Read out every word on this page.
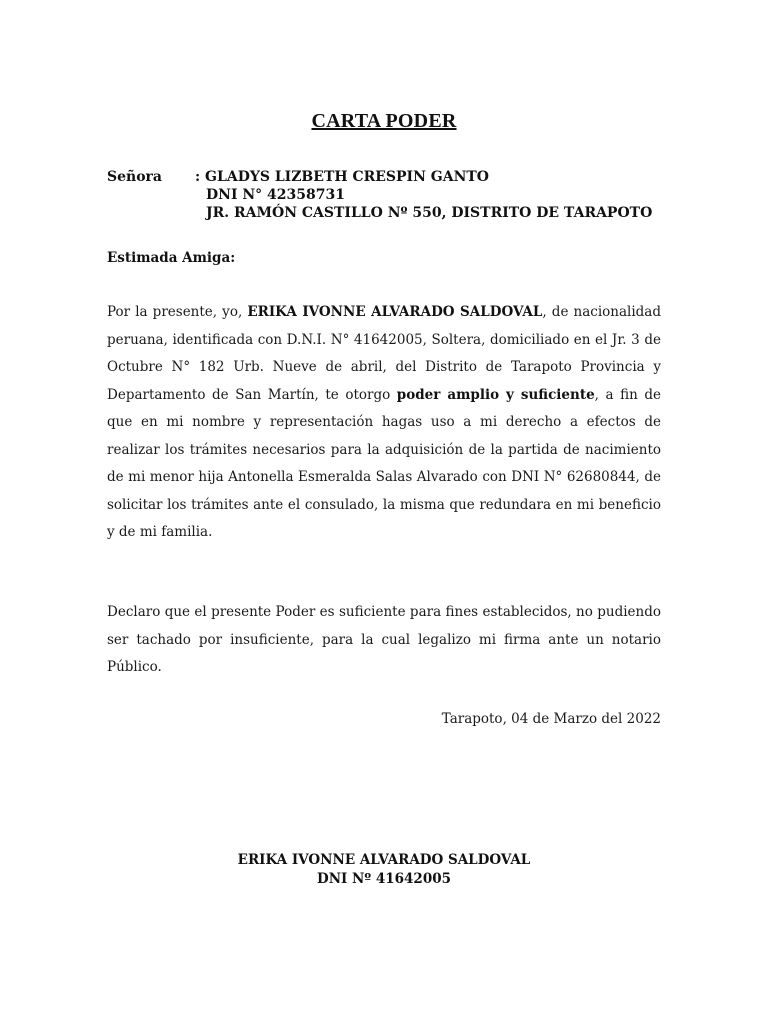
CARTA PODER
Señora	: GLADYS LIZBETH CRESPIN GANTO
DNI N° 42358731
JR. RAMÓN CASTILLO Nº 550, DISTRITO DE TARAPOTO
Estimada Amiga:
Por la presente, yo, ERIKA IVONNE ALVARADO SALDOVAL, de nacionalidad peruana, identificada con D.N.I. N° 41642005, Soltera, domiciliado en el Jr. 3 de Octubre N° 182 Urb. Nueve de abril, del Distrito de Tarapoto Provincia y Departamento de San Martín, te otorgo poder amplio y suficiente, a fin de que en mi nombre y representación hagas uso a mi derecho a efectos de realizar los trámites necesarios para la adquisición de la partida de nacimiento de mi menor hija Antonella Esmeralda Salas Alvarado con DNI N° 62680844, de solicitar los trámites ante el consulado, la misma que redundara en mi beneficio y de mi familia.
Declaro que el presente Poder es suficiente para fines establecidos, no pudiendo ser tachado por insuficiente, para la cual legalizo mi firma ante un notario Público.
Tarapoto, 04 de Marzo del 2022
ERIKA IVONNE ALVARADO SALDOVAL
DNI Nº 41642005
